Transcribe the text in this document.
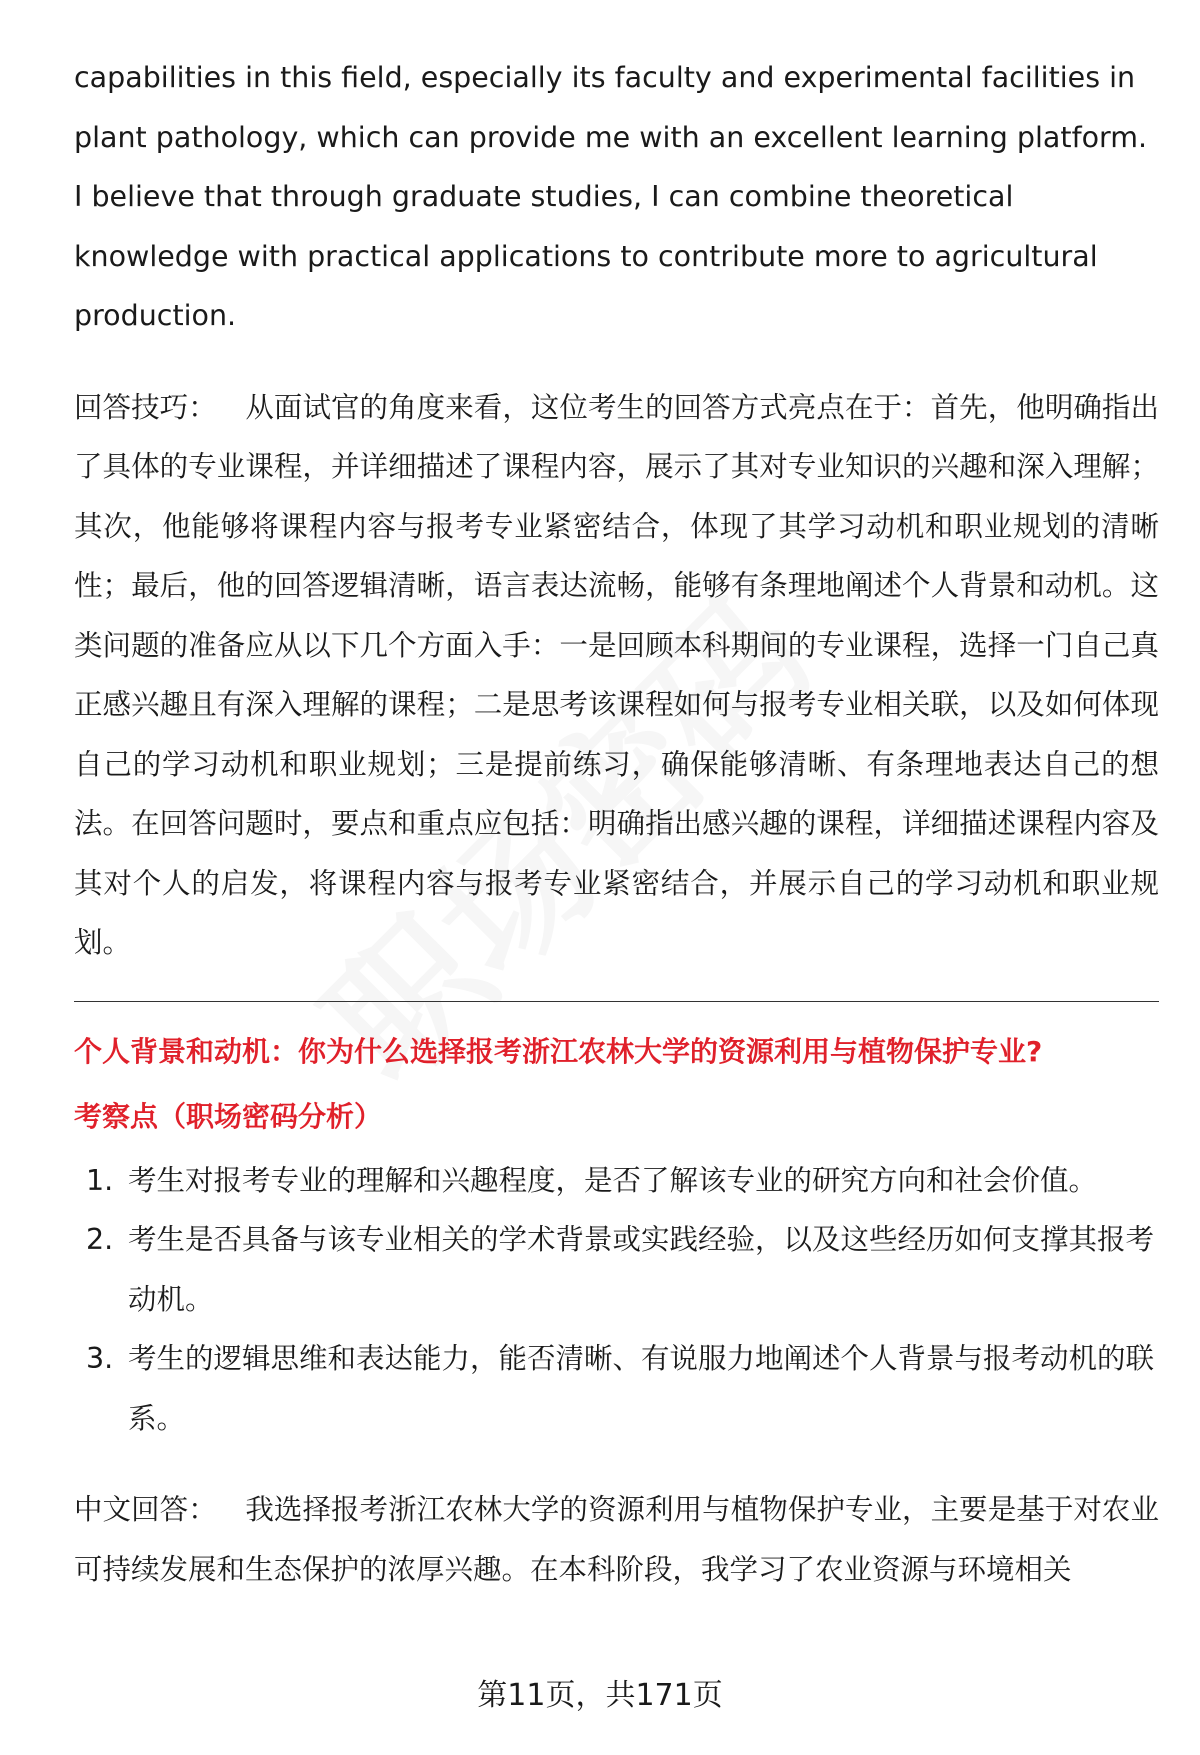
capabilities in this field, especially its faculty and experimental facilities in plant pathology, which can provide me with an excellent learning platform. I believe that through graduate studies, I can combine theoretical knowledge with practical applications to contribute more to agricultural production.

回答技巧：  从面试官的角度来看，这位考生的回答方式亮点在于：首先，他明确指出了具体的专业课程，并详细描述了课程内容，展示了其对专业知识的兴趣和深入理解；其次，他能够将课程内容与报考专业紧密结合，体现了其学习动机和职业规划的清晰性；最后，他的回答逻辑清晰，语言表达流畅，能够有条理地阐述个人背景和动机。这类问题的准备应从以下几个方面入手：一是回顾本科期间的专业课程，选择一门自己真正感兴趣且有深入理解的课程；二是思考该课程如何与报考专业相关联，以及如何体现自己的学习动机和职业规划；三是提前练习，确保能够清晰、有条理地表达自己的想法。在回答问题时，要点和重点应包括：明确指出感兴趣的课程，详细描述课程内容及其对个人的启发，将课程内容与报考专业紧密结合，并展示自己的学习动机和职业规划。

个人背景和动机：你为什么选择报考浙江农林大学的资源利用与植物保护专业?

考察点（职场密码分析）

1. 考生对报考专业的理解和兴趣程度，是否了解该专业的研究方向和社会价值。
2. 考生是否具备与该专业相关的学术背景或实践经验，以及这些经历如何支撑其报考动机。
3. 考生的逻辑思维和表达能力，能否清晰、有说服力地阐述个人背景与报考动机的联系。

中文回答：  我选择报考浙江农林大学的资源利用与植物保护专业，主要是基于对农业可持续发展和生态保护的浓厚兴趣。在本科阶段，我学习了农业资源与环境相关

第11页，共171页
